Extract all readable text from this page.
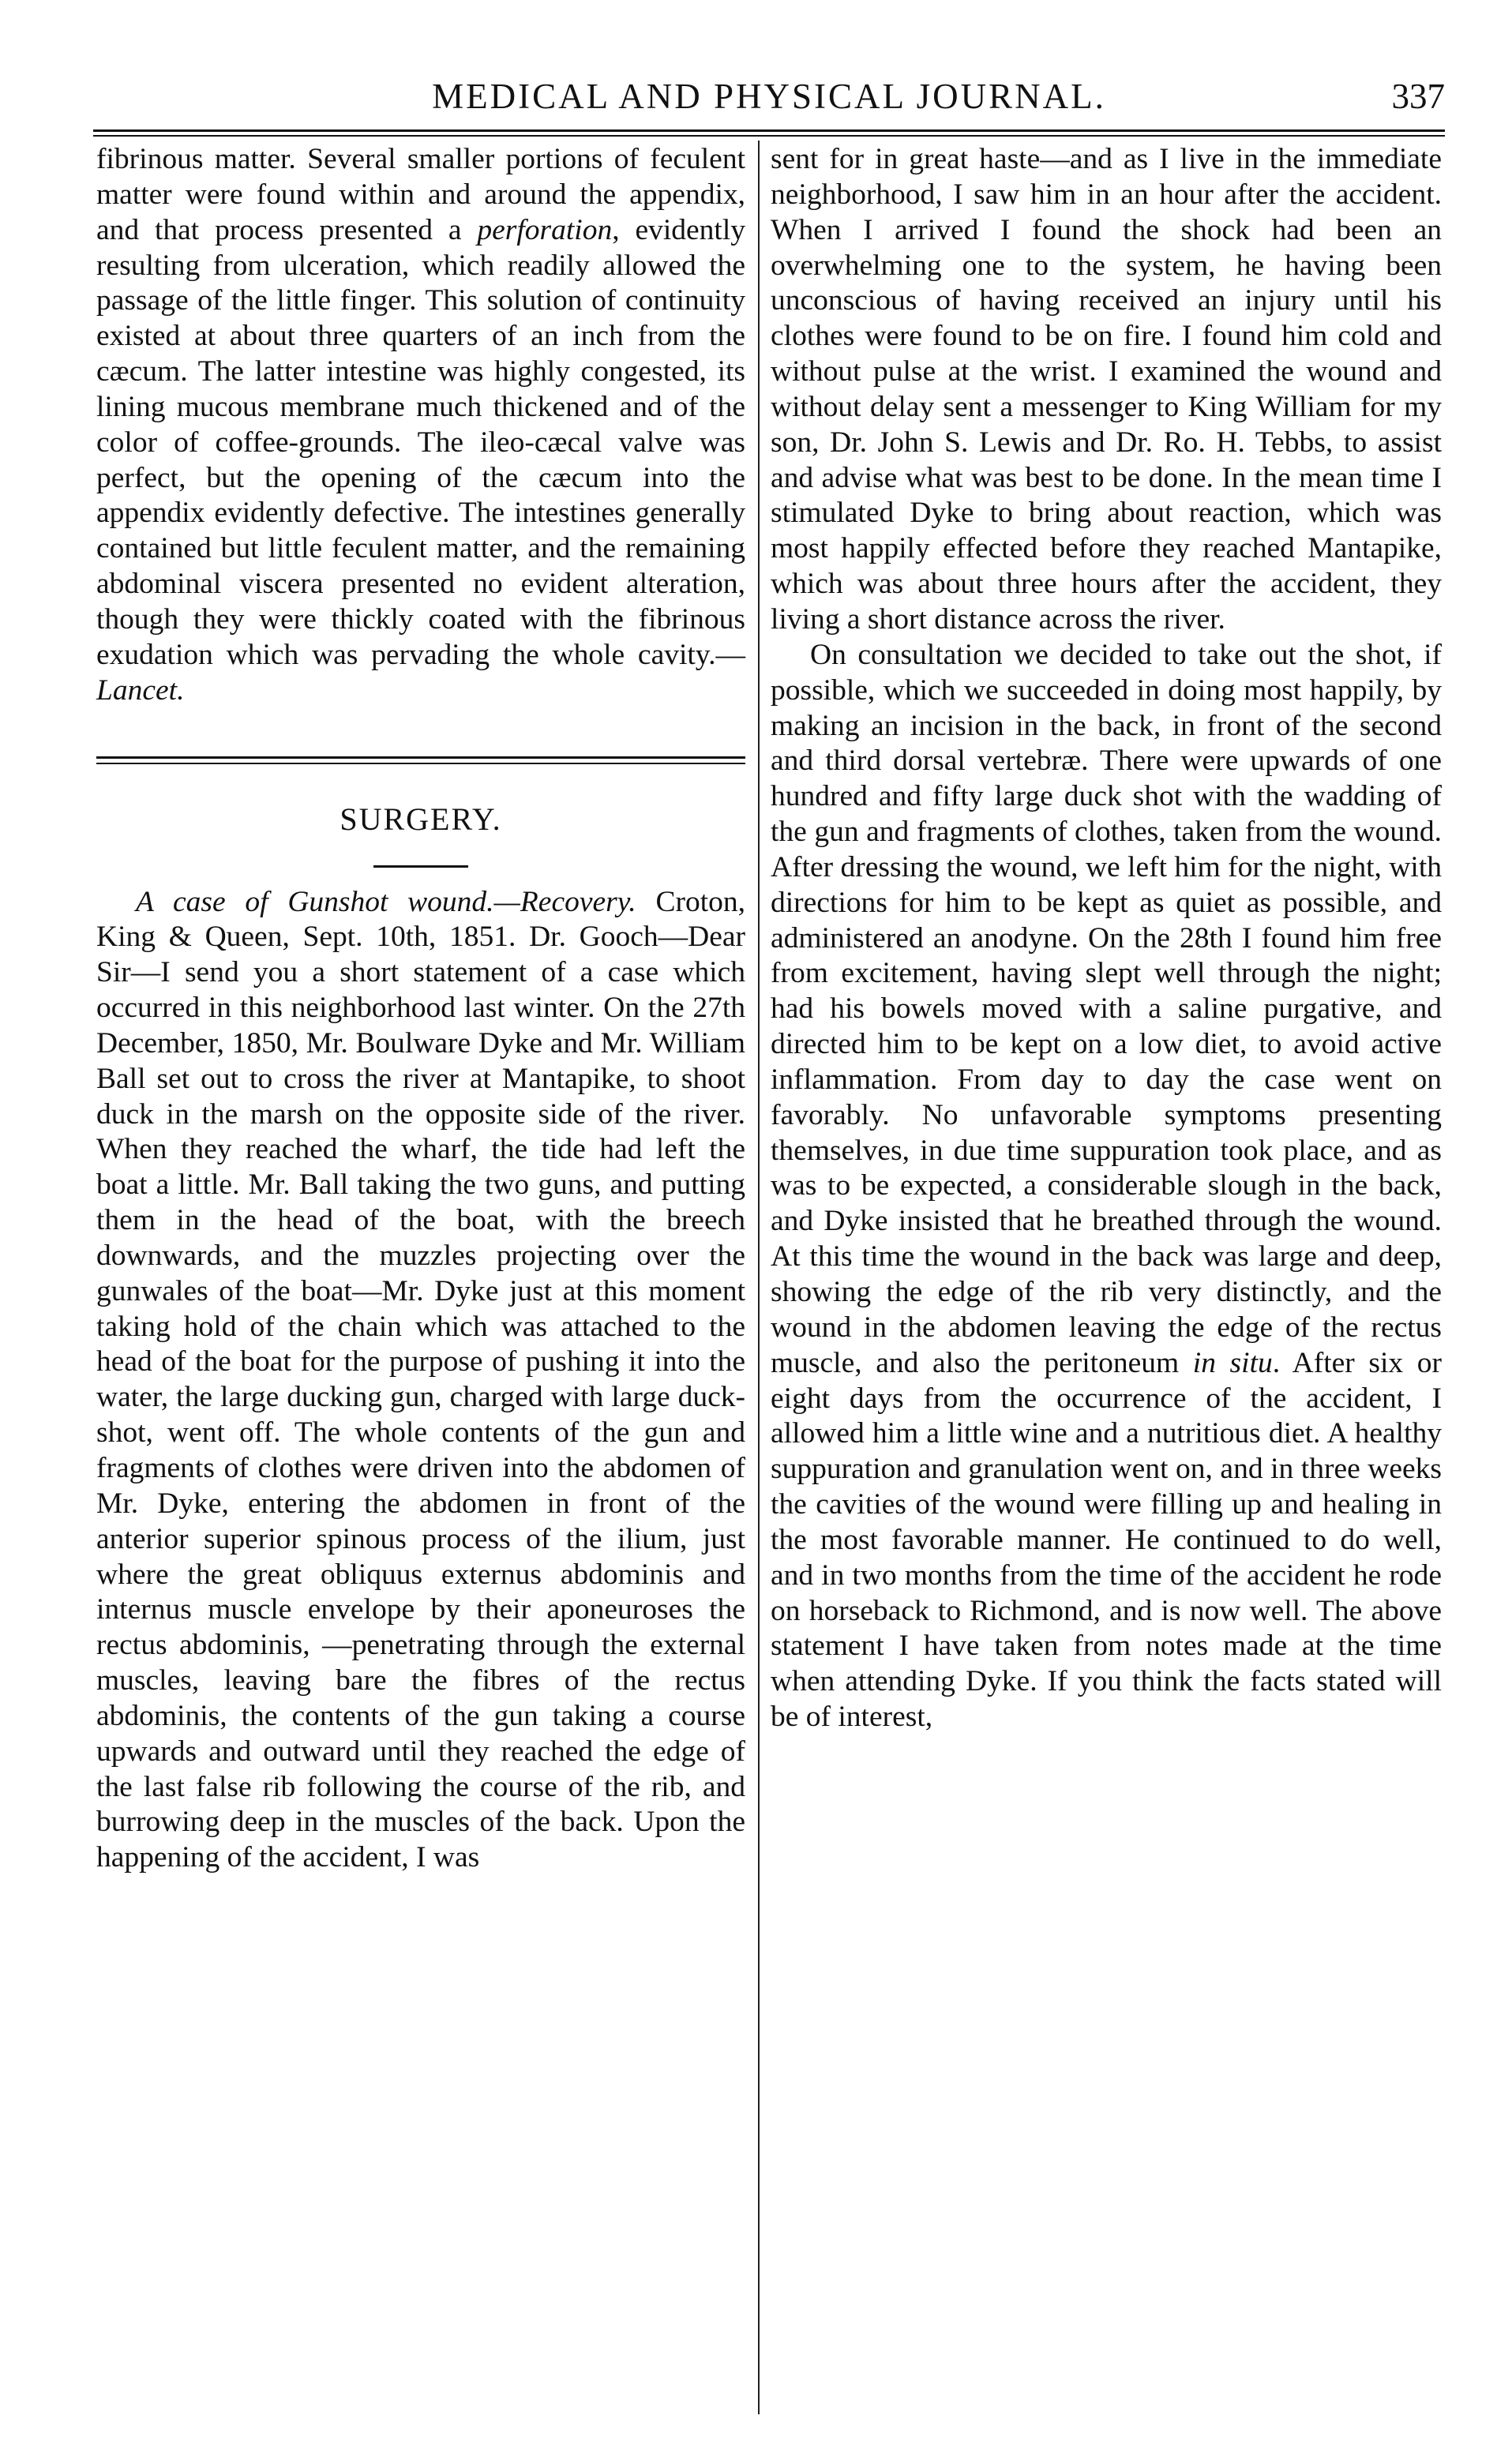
MEDICAL AND PHYSICAL JOURNAL.	337

fibrinous matter. Several smaller portions of feculent matter were found within and around the appendix, and that process presented a perforation, evidently resulting from ulceration, which readily allowed the passage of the little finger. This solution of continuity existed at about three quarters of an inch from the cæcum. The latter intestine was highly congested, its lining mucous membrane much thickened and of the color of coffee-grounds. The ileo-cæcal valve was perfect, but the opening of the cæcum into the appendix evidently defective. The intestines generally contained but little feculent matter, and the remaining abdominal viscera presented no evident alteration, though they were thickly coated with the fibrinous exudation which was pervading the whole cavity.—Lancet.

SURGERY.

A case of Gunshot wound.—Recovery. Croton, King & Queen, Sept. 10th, 1851. Dr. Gooch—Dear Sir—I send you a short statement of a case which occurred in this neighborhood last winter. On the 27th December, 1850, Mr. Boulware Dyke and Mr. William Ball set out to cross the river at Mantapike, to shoot duck in the marsh on the opposite side of the river. When they reached the wharf, the tide had left the boat a little. Mr. Ball taking the two guns, and putting them in the head of the boat, with the breech downwards, and the muzzles projecting over the gunwales of the boat—Mr. Dyke just at this moment taking hold of the chain which was attached to the head of the boat for the purpose of pushing it into the water, the large ducking gun, charged with large duck-shot, went off. The whole contents of the gun and fragments of clothes were driven into the abdomen of Mr. Dyke, entering the abdomen in front of the anterior superior spinous process of the ilium, just where the great obliquus externus abdominis and internus muscle envelope by their aponeuroses the rectus abdominis, —penetrating through the external muscles, leaving bare the fibres of the rectus abdominis, the contents of the gun taking a course upwards and outward until they reached the edge of the last false rib following the course of the rib, and burrowing deep in the muscles of the back. Upon the happening of the accident, I was

sent for in great haste—and as I live in the immediate neighborhood, I saw him in an hour after the accident. When I arrived I found the shock had been an overwhelming one to the system, he having been unconscious of having received an injury until his clothes were found to be on fire. I found him cold and without pulse at the wrist. I examined the wound and without delay sent a messenger to King William for my son, Dr. John S. Lewis and Dr. Ro. H. Tebbs, to assist and advise what was best to be done. In the mean time I stimulated Dyke to bring about reaction, which was most happily effected before they reached Mantapike, which was about three hours after the accident, they living a short distance across the river.

On consultation we decided to take out the shot, if possible, which we succeeded in doing most happily, by making an incision in the back, in front of the second and third dorsal vertebræ. There were upwards of one hundred and fifty large duck shot with the wadding of the gun and fragments of clothes, taken from the wound. After dressing the wound, we left him for the night, with directions for him to be kept as quiet as possible, and administered an anodyne. On the 28th I found him free from excitement, having slept well through the night; had his bowels moved with a saline purgative, and directed him to be kept on a low diet, to avoid active inflammation. From day to day the case went on favorably. No unfavorable symptoms presenting themselves, in due time suppuration took place, and as was to be expected, a considerable slough in the back, and Dyke insisted that he breathed through the wound. At this time the wound in the back was large and deep, showing the edge of the rib very distinctly, and the wound in the abdomen leaving the edge of the rectus muscle, and also the peritoneum in situ. After six or eight days from the occurrence of the accident, I allowed him a little wine and a nutritious diet. A healthy suppuration and granulation went on, and in three weeks the cavities of the wound were filling up and healing in the most favorable manner. He continued to do well, and in two months from the time of the accident he rode on horseback to Richmond, and is now well. The above statement I have taken from notes made at the time when attending Dyke. If you think the facts stated will be of interest,
